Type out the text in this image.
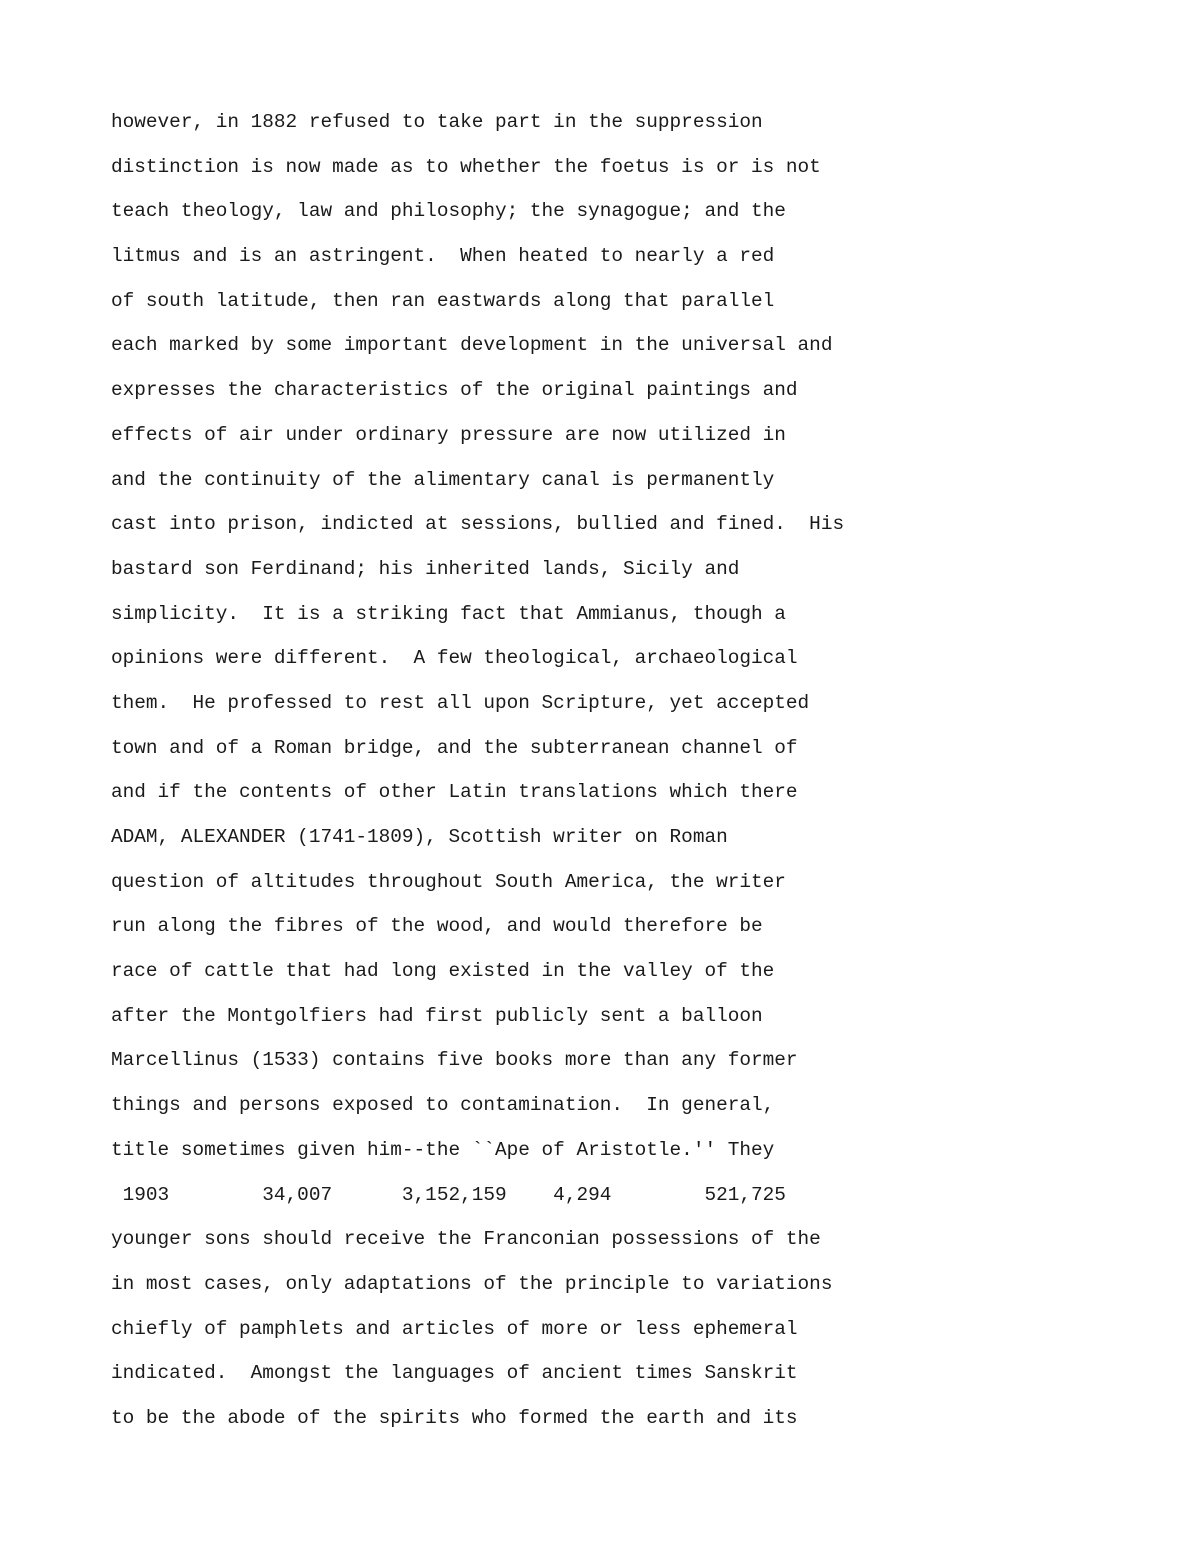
however, in 1882 refused to take part in the suppression
distinction is now made as to whether the foetus is or is not
teach theology, law and philosophy; the synagogue; and the
litmus and is an astringent.  When heated to nearly a red
of south latitude, then ran eastwards along that parallel
each marked by some important development in the universal and
expresses the characteristics of the original paintings and
effects of air under ordinary pressure are now utilized in
and the continuity of the alimentary canal is permanently
cast into prison, indicted at sessions, bullied and fined.  His
bastard son Ferdinand; his inherited lands, Sicily and
simplicity.  It is a striking fact that Ammianus, though a
opinions were different.  A few theological, archaeological
them.  He professed to rest all upon Scripture, yet accepted
town and of a Roman bridge, and the subterranean channel of
and if the contents of other Latin translations which there
ADAM, ALEXANDER (1741-1809), Scottish writer on Roman
question of altitudes throughout South America, the writer
run along the fibres of the wood, and would therefore be
race of cattle that had long existed in the valley of the
after the Montgolfiers had first publicly sent a balloon
Marcellinus (1533) contains five books more than any former
things and persons exposed to contamination.  In general,
title sometimes given him--the ``Ape of Aristotle.'' They
1903        34,007      3,152,159    4,294        521,725
younger sons should receive the Franconian possessions of the
in most cases, only adaptations of the principle to variations
chiefly of pamphlets and articles of more or less ephemeral
indicated.  Amongst the languages of ancient times Sanskrit
to be the abode of the spirits who formed the earth and its
